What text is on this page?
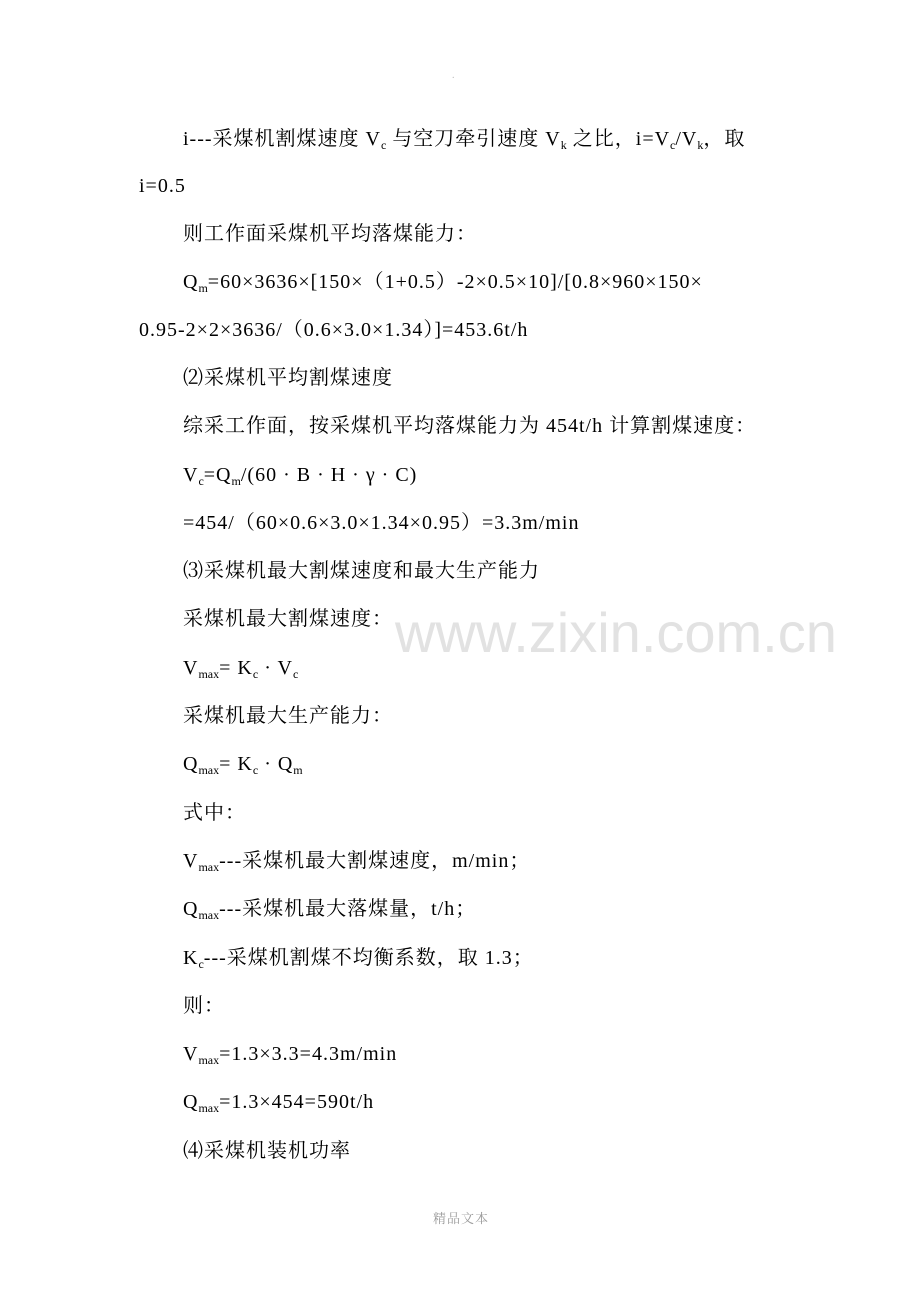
.
www.zixin.com.cn
i---采煤机割煤速度 $V_c$ 与空刀牵引速度 $V_k$ 之比，$i=V_c/V_k$，取
i=0.5
则工作面采煤机平均落煤能力：
$Q_m=60\times 3636\times[150\times(1+0.5)-2\times 0.5\times 10]/[0.8\times 960\times 150\times$
0.95-2×2×3636/（0.6×3.0×1.34）]=453.6t/h
⑵采煤机平均割煤速度
综采工作面，按采煤机平均落煤能力为 454t/h 计算割煤速度：
$V_c=Q_m/(60 \cdot B \cdot H \cdot \gamma \cdot C)$
=454/（60×0.6×3.0×1.34×0.95）=3.3m/min
⑶采煤机最大割煤速度和最大生产能力
采煤机最大割煤速度：
$V_{max}= K_c \cdot V_c$
采煤机最大生产能力：
$Q_{max}= K_c \cdot Q_m$
式中：
$V_{max}---$采煤机最大割煤速度，m/min；
$Q_{max}---$采煤机最大落煤量，t/h；
$K_c---$采煤机割煤不均衡系数，取 1.3；
则：
$V_{max}=1.3\times 3.3=4.3m/\min$
$Q_{max}=1.3\times 454=590t/h$
⑷采煤机装机功率
精品文本
